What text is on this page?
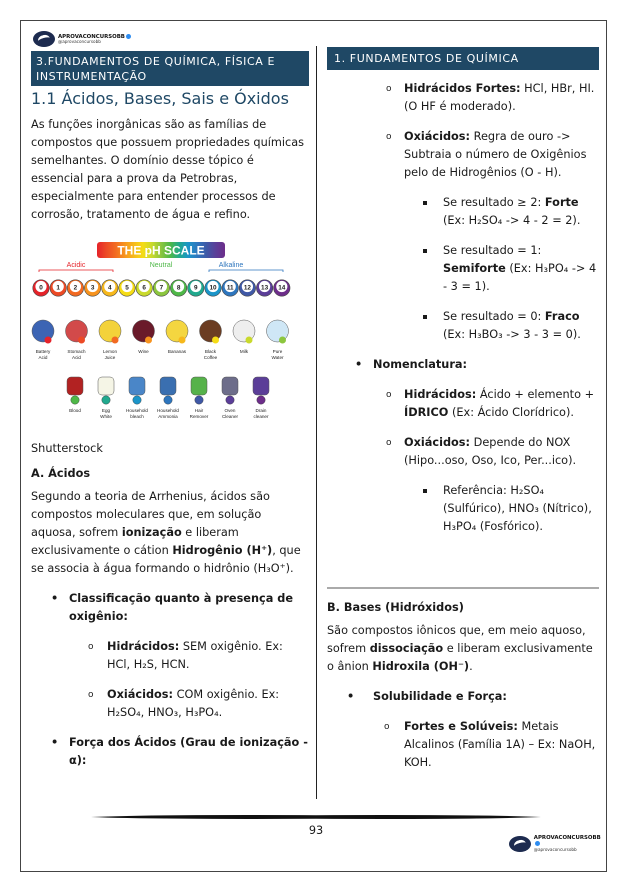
APROVACONCURSOBB
@aprovaconcursobb
3.FUNDAMENTOS DE QUÍMICA, FÍSICA E INSTRUMENTAÇÃO
1.1 Ácidos, Bases, Sais e Óxidos

As funções inorgânicas são as famílias de compostos que possuem propriedades químicas semelhantes. O domínio desse tópico é essencial para a prova da Petrobras, especialmente para entender processos de corrosão, tratamento de água e refino.

THE pH SCALE
Acidic	Neutral	Alkaline
0 1 2 3 4 5 6 7 8 9 10 11 12 13 14
Battery
Acid
Stomach
Acid
Lemon
Juice
Wine	Bananas	Black
Coffee
Milk	Pure
Water
Blood	Egg
White
Household
bleach
Household
Ammonia
Hair
Remover
Oven
Cleaner
Drain
cleaner
Shutterstock
A. Ácidos

Segundo a teoria de Arrhenius, ácidos são compostos moleculares que, em solução aquosa, sofrem ionização e liberam exclusivamente o cátion Hidrogênio (H⁺), que se associa à água formando o hidrônio (H₃O⁺).

• Classificação quanto à presença de oxigênio:
o Hidrácidos: SEM oxigênio. Ex: HCl, H₂S, HCN.
o Oxiácidos: COM oxigênio. Ex: H₂SO₄, HNO₃, H₃PO₄.
• Força dos Ácidos (Grau de ionização - α):
1. FUNDAMENTOS DE QUÍMICA
o Hidrácidos Fortes: HCl, HBr, HI. (O HF é moderado).
o Oxiácidos: Regra de ouro -> Subtraia o número de Oxigênios pelo de Hidrogênios (O - H).
Se resultado ≥ 2: Forte (Ex: H₂SO₄ -> 4 - 2 = 2).
Se resultado = 1: Semiforte (Ex: H₃PO₄ -> 4 - 3 = 1).
Se resultado = 0: Fraco (Ex: H₃BO₃ -> 3 - 3 = 0).
• Nomenclatura:
o Hidrácidos: Ácido + elemento + ÍDRICO (Ex: Ácido Clorídrico).
o Oxiácidos: Depende do NOX (Hipo...oso, Oso, Ico, Per...ico).
Referência: H₂SO₄ (Sulfúrico), HNO₃ (Nítrico), H₃PO₄ (Fosfórico).
B. Bases (Hidróxidos)

São compostos iônicos que, em meio aquoso, sofrem dissociação e liberam exclusivamente o ânion Hidroxila (OH⁻).

• Solubilidade e Força:
o Fortes e Solúveis: Metais Alcalinos (Família 1A) – Ex: NaOH, KOH.
93
APROVACONCURSOBB
@aprovaconcursobb
